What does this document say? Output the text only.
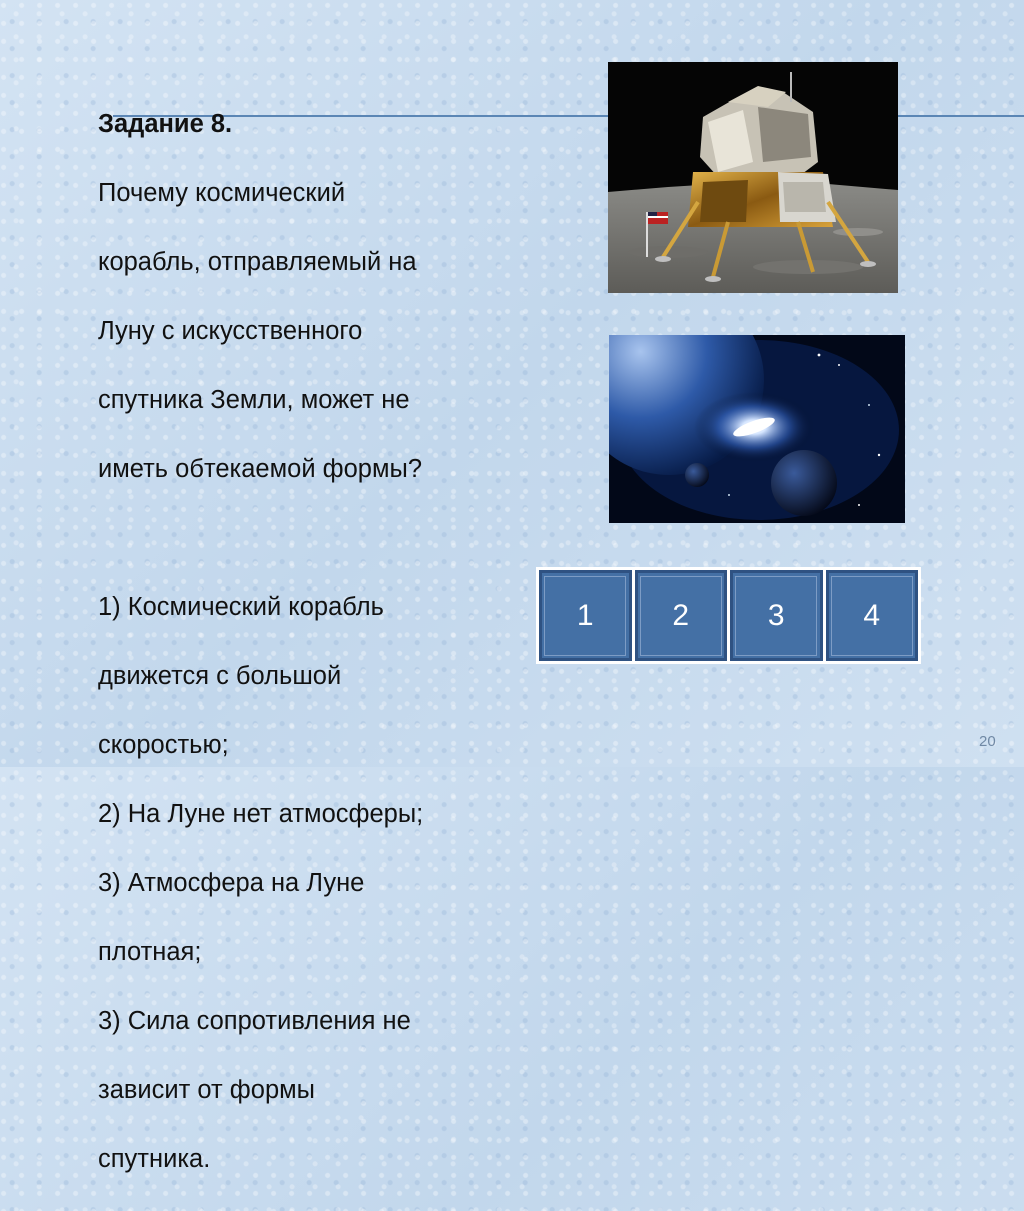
Задание 8.

Почему космический

корабль, отправляемый на

Луну с искусственного

спутника Земли, может не

иметь обтекаемой формы?

1) Космический корабль

движется с большой

скоростью;

2) На Луне нет атмосферы;

3) Атмосфера на Луне

плотная;

3) Сила сопротивления не

зависит от формы

спутника.

1	2	3	4
20
